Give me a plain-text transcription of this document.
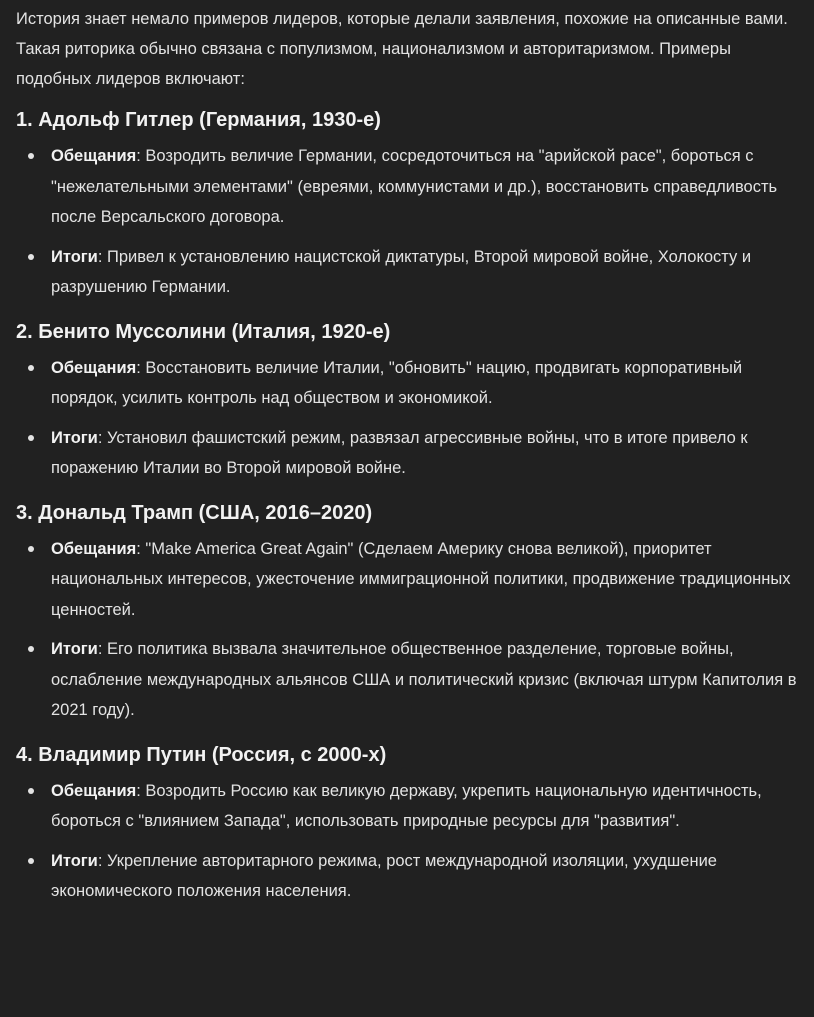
История знает немало примеров лидеров, которые делали заявления, похожие на описанные вами. Такая риторика обычно связана с популизмом, национализмом и авторитаризмом. Примеры подобных лидеров включают:

1. Адольф Гитлер (Германия, 1930-е)
Обещания: Возродить величие Германии, сосредоточиться на "арийской расе", бороться с "нежелательными элементами" (евреями, коммунистами и др.), восстановить справедливость после Версальского договора.
Итоги: Привел к установлению нацистской диктатуры, Второй мировой войне, Холокосту и разрушению Германии.
2. Бенито Муссолини (Италия, 1920-е)
Обещания: Восстановить величие Италии, "обновить" нацию, продвигать корпоративный порядок, усилить контроль над обществом и экономикой.
Итоги: Установил фашистский режим, развязал агрессивные войны, что в итоге привело к поражению Италии во Второй мировой войне.
3. Дональд Трамп (США, 2016–2020)
Обещания: "Make America Great Again" (Сделаем Америку снова великой), приоритет национальных интересов, ужесточение иммиграционной политики, продвижение традиционных ценностей.
Итоги: Его политика вызвала значительное общественное разделение, торговые войны, ослабление международных альянсов США и политический кризис (включая штурм Капитолия в 2021 году).
4. Владимир Путин (Россия, с 2000-х)
Обещания: Возродить Россию как великую державу, укрепить национальную идентичность, бороться с "влиянием Запада", использовать природные ресурсы для "развития".
Итоги: Укрепление авторитарного режима, рост международной изоляции, ухудшение экономического положения населения.
